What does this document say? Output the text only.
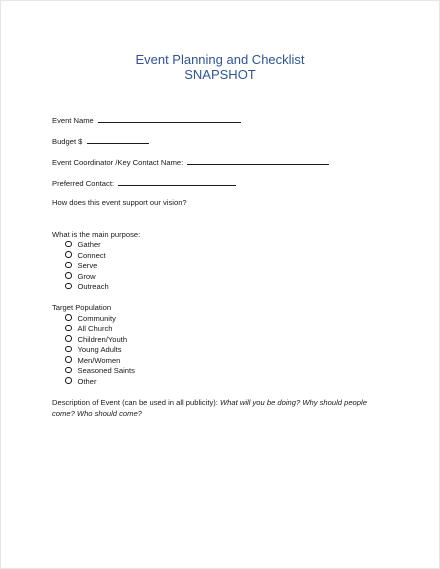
Event Planning and Checklist
SNAPSHOT
Event Name
Budget $
Event Coordinator /Key Contact Name:
Preferred Contact:
How does this event support our vision?
What is the main purpose:
Gather
Connect
Serve
Grow
Outreach
Target Population
Community
All Church
Children/Youth
Young Adults
Men/Women
Seasoned Saints
Other
Description of Event (can be used in all publicity): What will you be doing? Why should people
come? Who should come?
